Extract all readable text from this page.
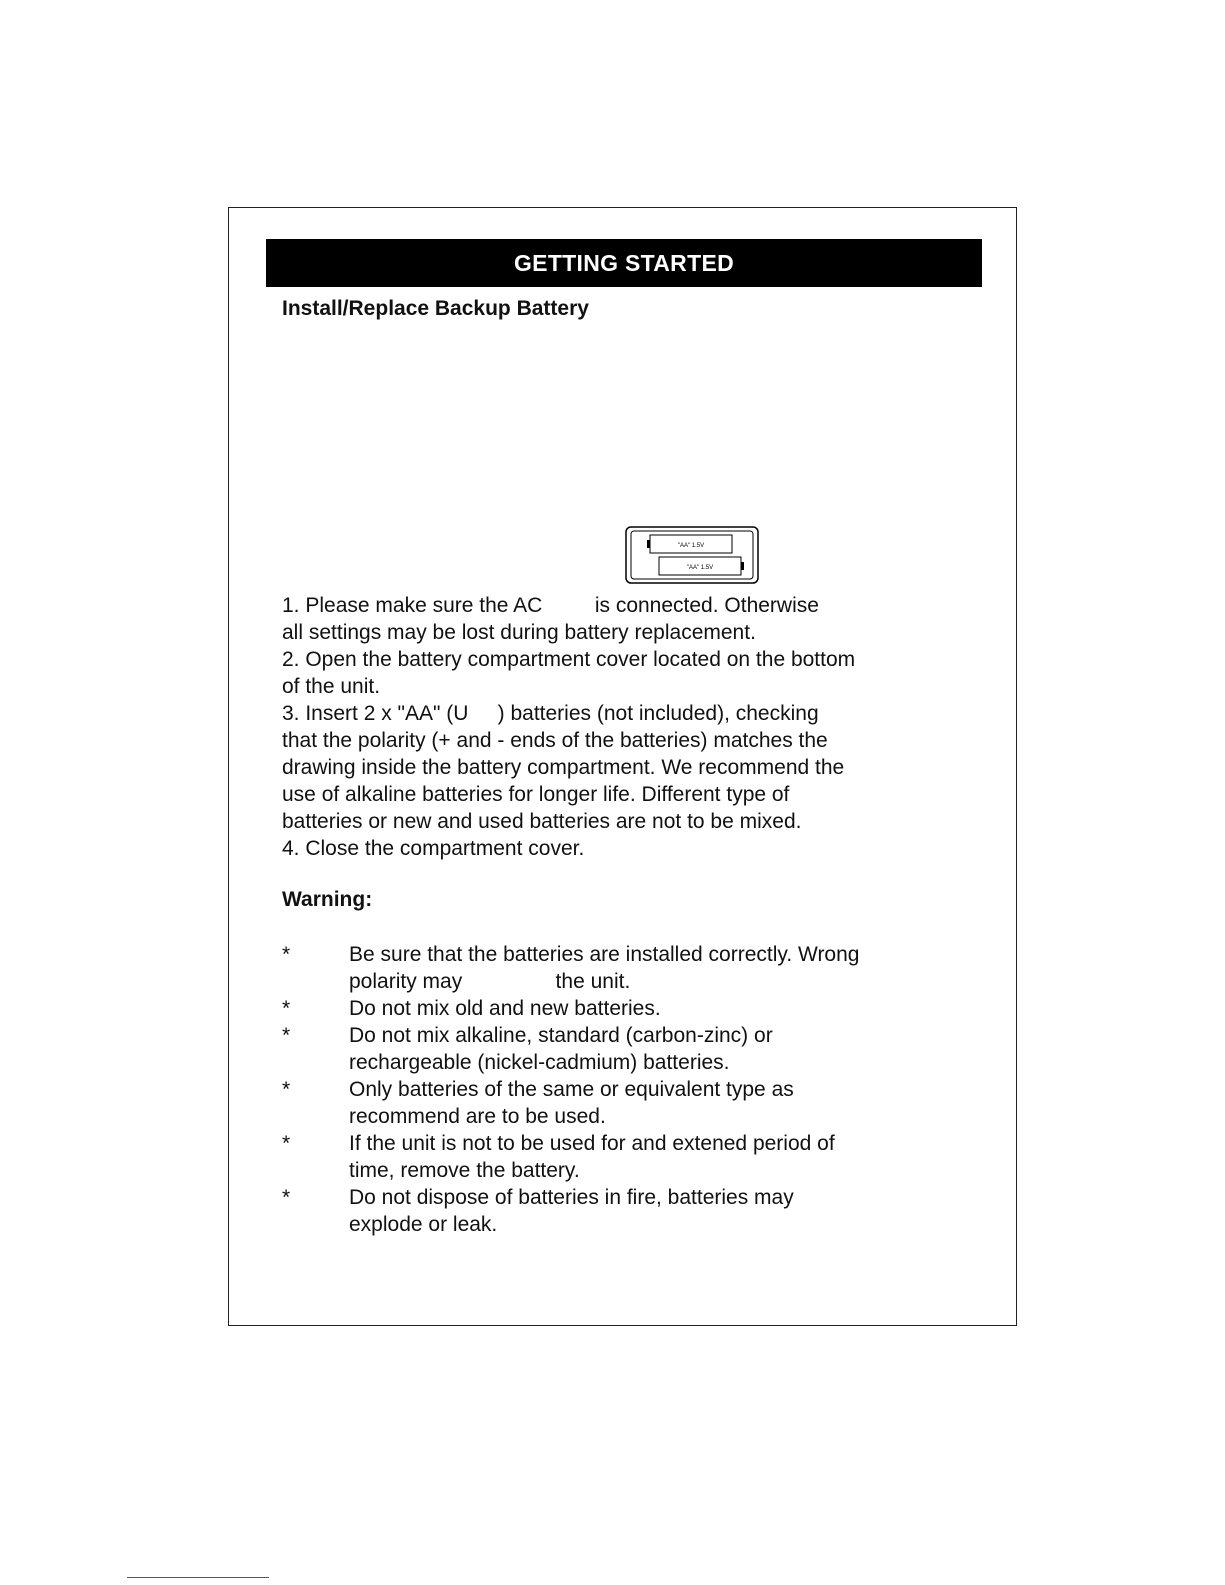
GETTING STARTED
Install/Replace Backup Battery
"AA" 1.5V
"AA" 1.5V

1. Please make sure the AC         is connected. Otherwise

all settings may be lost during battery replacement.

2. Open the battery compartment cover located on the bottom

of the unit.

3. Insert 2 x "AA" (U     ) batteries (not included), checking

that the polarity (+ and - ends of the batteries) matches the

drawing inside the battery compartment. We recommend the

use of alkaline batteries for longer life. Different type of

batteries or new and used batteries are not to be mixed.

4. Close the compartment cover.

Warning:
*	Be sure that the batteries are installed correctly. Wrong
polarity may                the unit.
*	Do not mix old and new batteries.
*	Do not mix alkaline, standard (carbon-zinc) or
rechargeable (nickel-cadmium) batteries.
*	Only batteries of the same or equivalent type as
recommend are to be used.
*	If the unit is not to be used for and extened period of
time, remove the battery.
*	Do not dispose of batteries in fire, batteries may
explode or leak.
